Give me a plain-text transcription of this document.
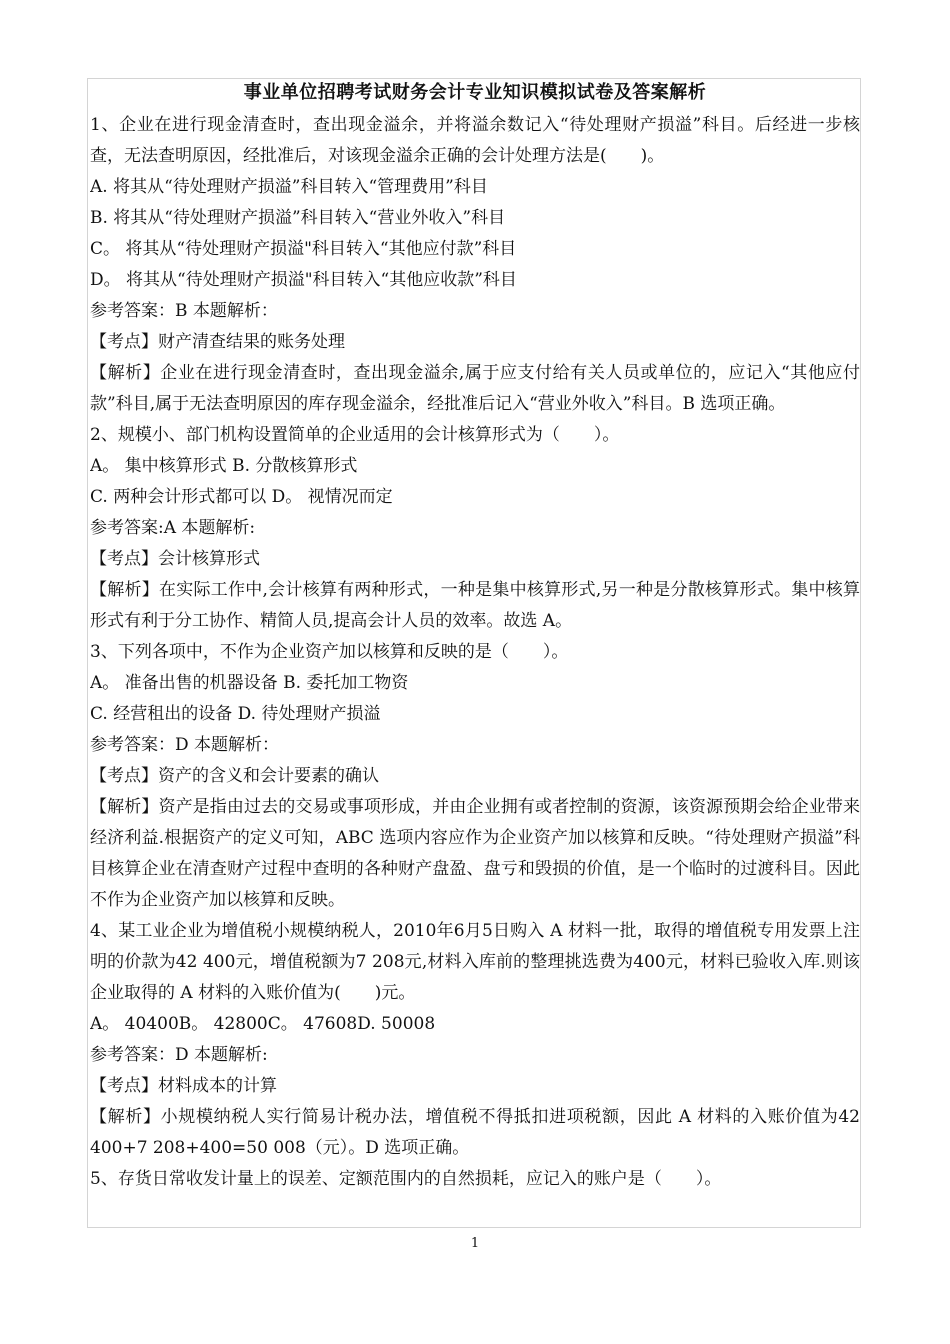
事业单位招聘考试财务会计专业知识模拟试卷及答案解析
1、企业在进行现金清查时，查出现金溢余，并将溢余数记入“待处理财产损溢”科目。后经进一步核查，无法查明原因，经批准后，对该现金溢余正确的会计处理方法是(　　)。
A. 将其从“待处理财产损溢”科目转入“管理费用”科目
B. 将其从“待处理财产损溢”科目转入“营业外收入”科目
C。 将其从“待处理财产损溢"科目转入“其他应付款”科目
D。 将其从“待处理财产损溢"科目转入“其他应收款”科目
参考答案：B 本题解析：
【考点】财产清查结果的账务处理
【解析】企业在进行现金清查时，查出现金溢余,属于应支付给有关人员或单位的，应记入“其他应付款”科目,属于无法查明原因的库存现金溢余，经批准后记入“营业外收入”科目。B 选项正确。
2、规模小、部门机构设置简单的企业适用的会计核算形式为（　　）。
A。 集中核算形式 B. 分散核算形式
C. 两种会计形式都可以 D。 视情况而定
参考答案:A 本题解析:
【考点】会计核算形式
【解析】在实际工作中,会计核算有两种形式，一种是集中核算形式,另一种是分散核算形式。集中核算形式有利于分工协作、精简人员,提高会计人员的效率。故选 A。
3、下列各项中，不作为企业资产加以核算和反映的是（　　）。
A。 准备出售的机器设备 B. 委托加工物资
C. 经营租出的设备 D. 待处理财产损溢
参考答案：D 本题解析：
【考点】资产的含义和会计要素的确认
【解析】资产是指由过去的交易或事项形成，并由企业拥有或者控制的资源，该资源预期会给企业带来经济利益.根据资产的定义可知，ABC 选项内容应作为企业资产加以核算和反映。“待处理财产损溢”科目核算企业在清查财产过程中查明的各种财产盘盈、盘亏和毁损的价值，是一个临时的过渡科目。因此不作为企业资产加以核算和反映。
4、某工业企业为增值税小规模纳税人，2010年6月5日购入 A 材料一批，取得的增值税专用发票上注明的价款为42 400元，增值税额为7 208元,材料入库前的整理挑选费为400元，材料已验收入库.则该企业取得的 A 材料的入账价值为(　　)元。
A。 40400B。 42800C。 47608D. 50008
参考答案：D 本题解析:
【考点】材料成本的计算
【解析】小规模纳税人实行简易计税办法，增值税不得抵扣进项税额，因此 A 材料的入账价值为42 400+7 208+400=50 008（元）。D 选项正确。
5、存货日常收发计量上的误差、定额范围内的自然损耗，应记入的账户是（　　）。
1
